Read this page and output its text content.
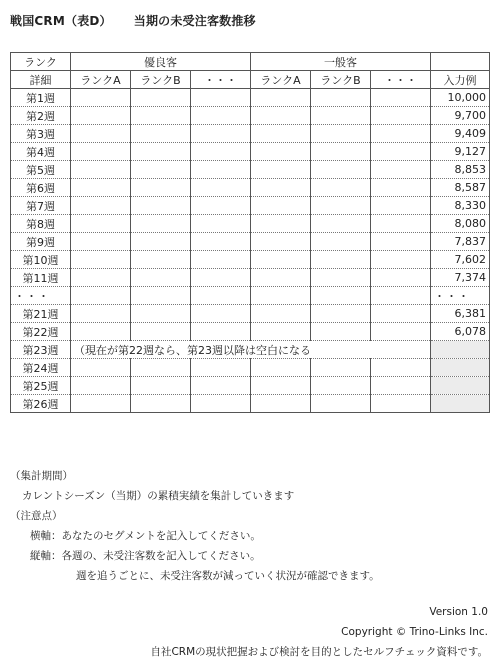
戦国CRM（表D） 当期の未受注客数推移
ランク	優良客			一般客			
詳細	ランクA	ランクB	・・・	ランクA	ランクB	・・・	入力例
第1週							10,000
第2週							9,700
第3週							9,409
第4週							9,127
第5週							8,853
第6週							8,587
第7週							8,330
第8週							8,080
第9週							7,837
第10週							7,602
第11週							7,374
・・・							・・・
第21週							6,381
第22週							6,078
第23週	（現在が第22週なら、第23週以降は空白になる						
第24週							
第25週							
第26週							
（集計期間）
カレントシーズン（当期）の累積実績を集計していきます
（注意点）
横軸：あなたのセグメントを記入してください。
縦軸：各週の、未受注客数を記入してください。
週を追うごとに、未受注客数が減っていく状況が確認できます。
Version 1.0
Copyright © Trino-Links Inc.
自社CRMの現状把握および検討を目的としたセルフチェック資料です。
